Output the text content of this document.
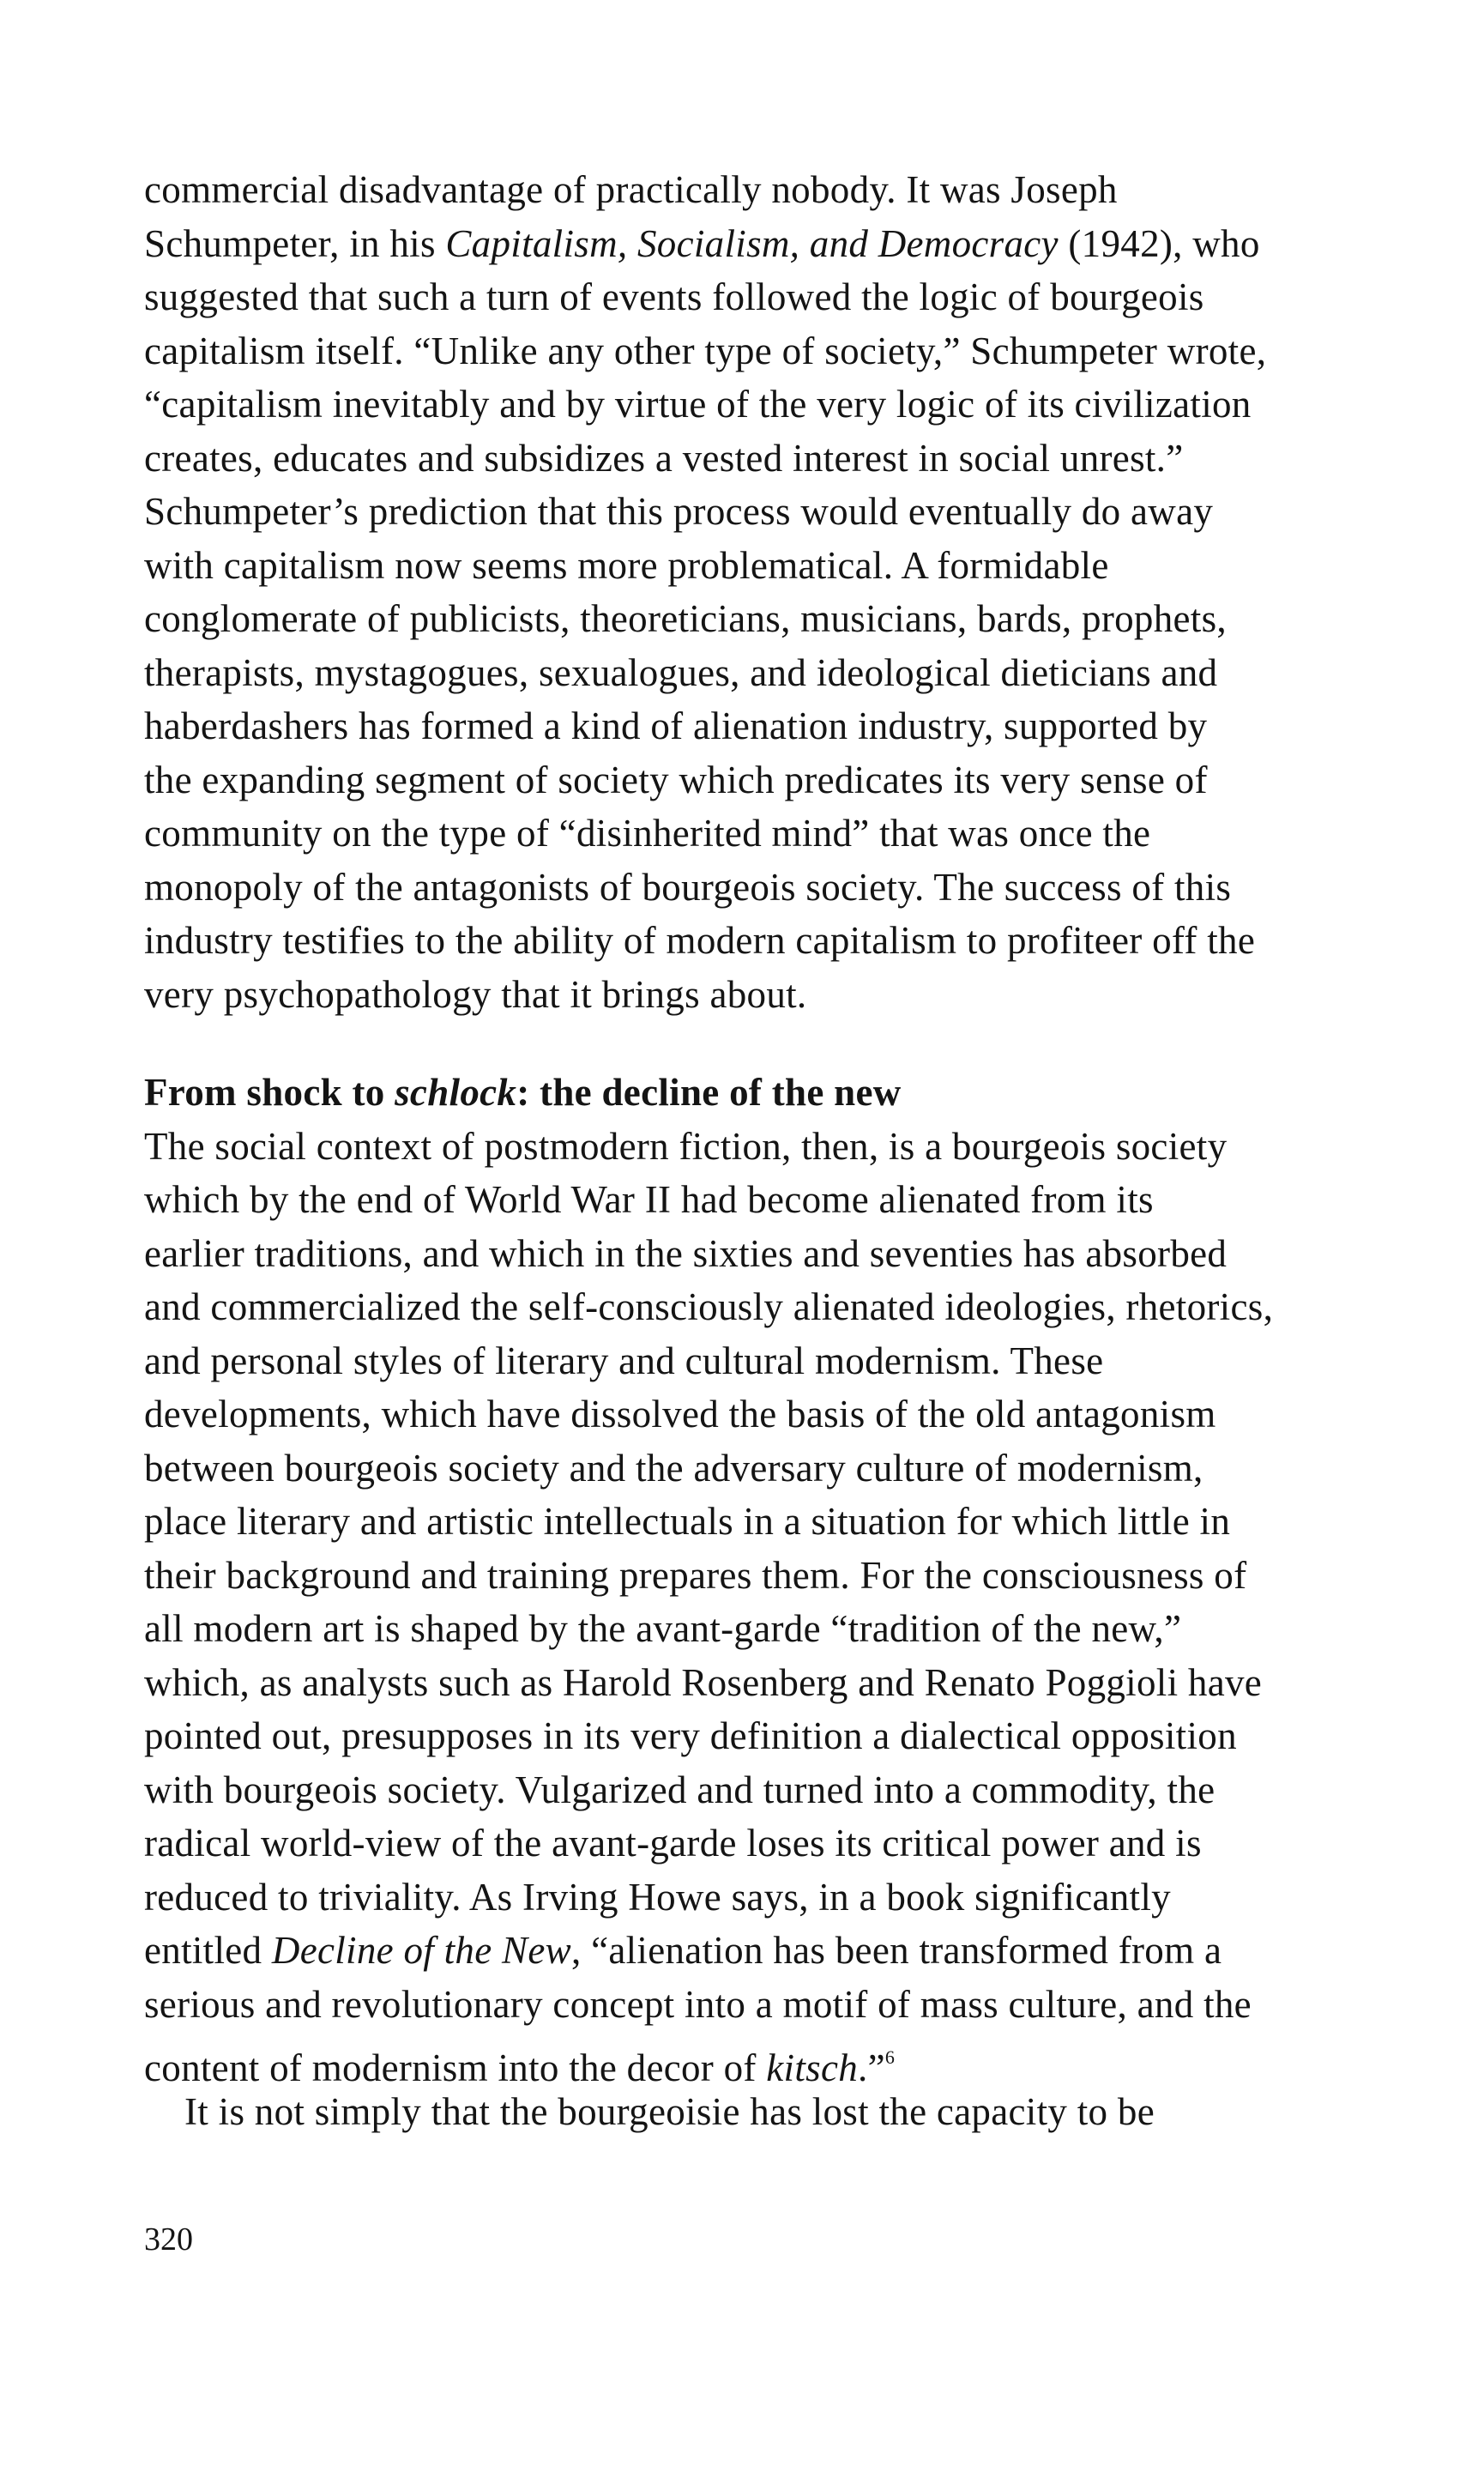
commercial disadvantage of practically nobody. It was Joseph
Schumpeter, in his Capitalism, Socialism, and Democracy (1942), who
suggested that such a turn of events followed the logic of bourgeois
capitalism itself. “Unlike any other type of society,” Schumpeter wrote,
“capitalism inevitably and by virtue of the very logic of its civilization
creates, educates and subsidizes a vested interest in social unrest.”
Schumpeter’s prediction that this process would eventually do away
with capitalism now seems more problematical. A formidable
conglomerate of publicists, theoreticians, musicians, bards, prophets,
therapists, mystagogues, sexualogues, and ideological dieticians and
haberdashers has formed a kind of alienation industry, supported by
the expanding segment of society which predicates its very sense of
community on the type of “disinherited mind” that was once the
monopoly of the antagonists of bourgeois society. The success of this
industry testifies to the ability of modern capitalism to profiteer off the
very psychopathology that it brings about.
From shock to schlock: the decline of the new
The social context of postmodern fiction, then, is a bourgeois society
which by the end of World War II had become alienated from its
earlier traditions, and which in the sixties and seventies has absorbed
and commercialized the self-consciously alienated ideologies, rhetorics,
and personal styles of literary and cultural modernism. These
developments, which have dissolved the basis of the old antagonism
between bourgeois society and the adversary culture of modernism,
place literary and artistic intellectuals in a situation for which little in
their background and training prepares them. For the consciousness of
all modern art is shaped by the avant-garde “tradition of the new,”
which, as analysts such as Harold Rosenberg and Renato Poggioli have
pointed out, presupposes in its very definition a dialectical opposition
with bourgeois society. Vulgarized and turned into a commodity, the
radical world-view of the avant-garde loses its critical power and is
reduced to triviality. As Irving Howe says, in a book significantly
entitled Decline of the New, “alienation has been transformed from a
serious and revolutionary concept into a motif of mass culture, and the
content of modernism into the decor of kitsch.”$^6$
It is not simply that the bourgeoisie has lost the capacity to be
320
